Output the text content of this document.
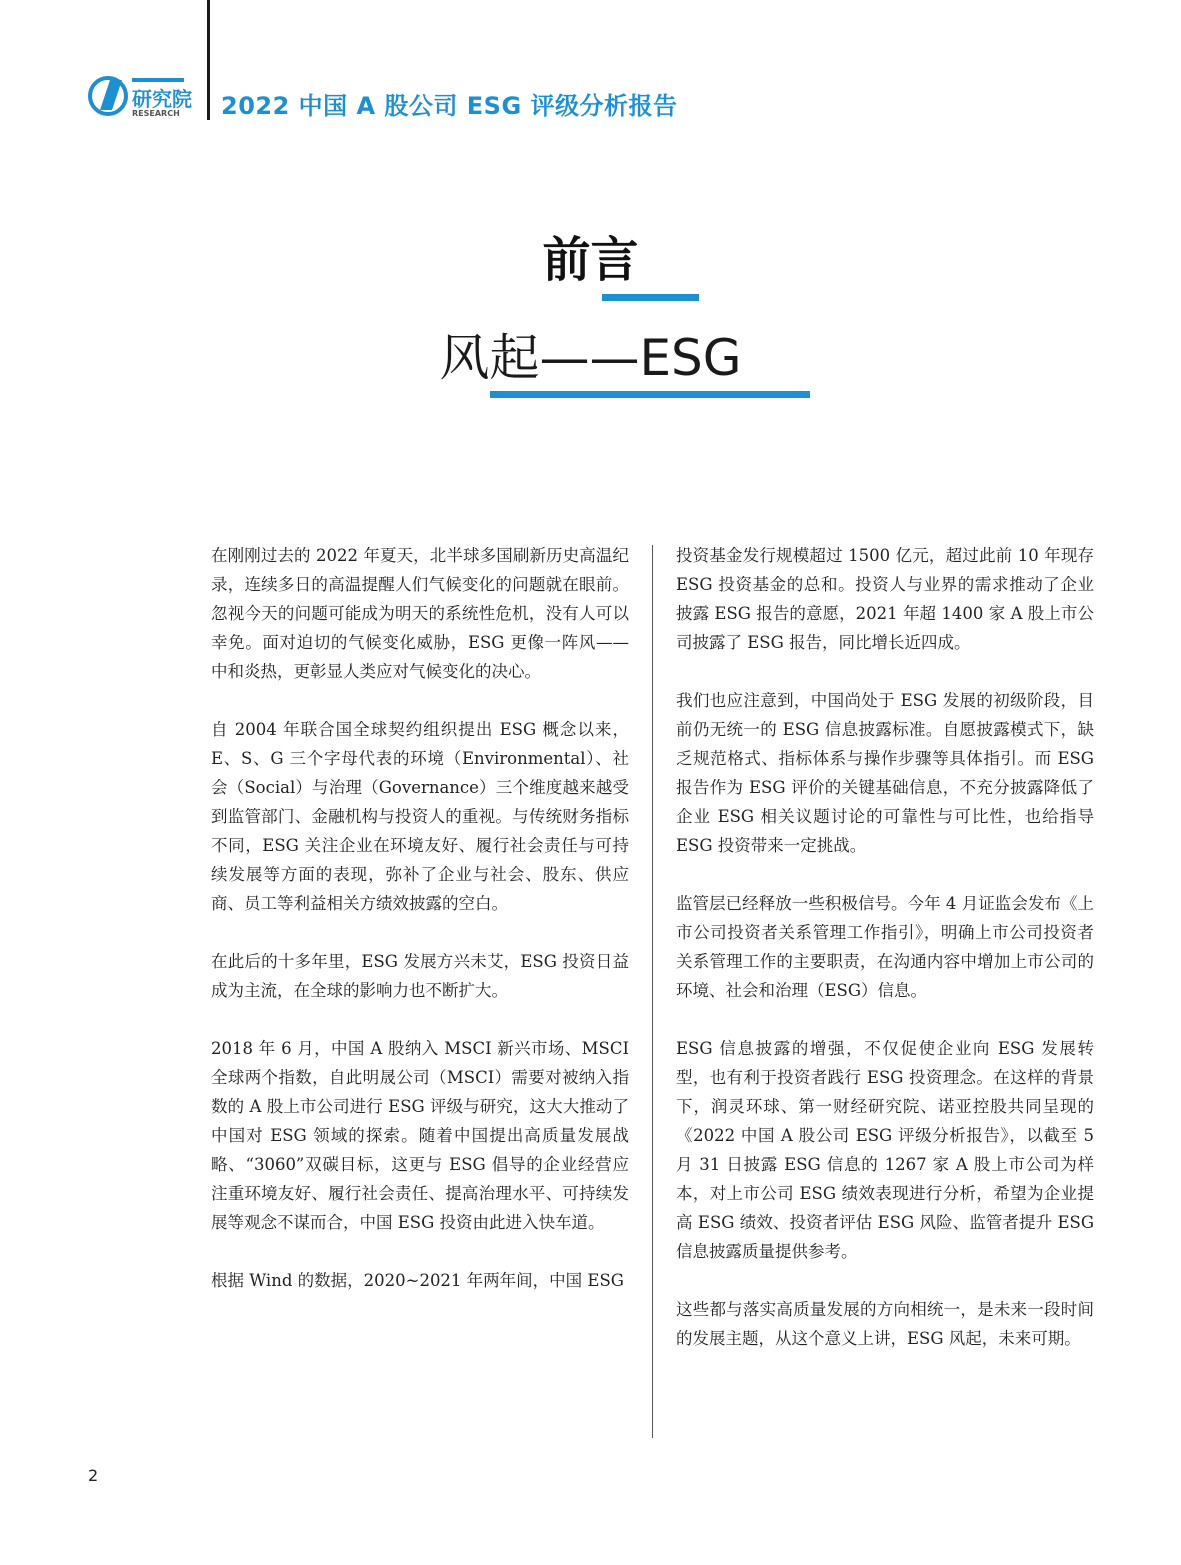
研究院
RESEARCH 2022 中国 A 股公司 ESG 评级分析报告
前言
风起——ESG

在刚刚过去的 2022 年夏天，北半球多国刷新历史高温纪录，连续多日的高温提醒人们气候变化的问题就在眼前。忽视今天的问题可能成为明天的系统性危机，没有人可以幸免。面对迫切的气候变化威胁，ESG 更像一阵风——中和炎热，更彰显人类应对气候变化的决心。

自 2004 年联合国全球契约组织提出 ESG 概念以来，E、S、G 三个字母代表的环境（Environmental）、社会（Social）与治理（Governance）三个维度越来越受到监管部门、金融机构与投资人的重视。与传统财务指标不同，ESG 关注企业在环境友好、履行社会责任与可持续发展等方面的表现，弥补了企业与社会、股东、供应商、员工等利益相关方绩效披露的空白。

在此后的十多年里，ESG 发展方兴未艾，ESG 投资日益成为主流，在全球的影响力也不断扩大。

2018 年 6 月，中国 A 股纳入 MSCI 新兴市场、MSCI 全球两个指数，自此明晟公司（MSCI）需要对被纳入指数的 A 股上市公司进行 ESG 评级与研究，这大大推动了中国对 ESG 领域的探索。随着中国提出高质量发展战略、“3060”双碳目标，这更与 ESG 倡导的企业经营应注重环境友好、履行社会责任、提高治理水平、可持续发展等观念不谋而合，中国 ESG 投资由此进入快车道。

根据 Wind 的数据，2020~2021 年两年间，中国 ESG

投资基金发行规模超过 1500 亿元，超过此前 10 年现存 ESG 投资基金的总和。投资人与业界的需求推动了企业披露 ESG 报告的意愿，2021 年超 1400 家 A 股上市公司披露了 ESG 报告，同比增长近四成。

我们也应注意到，中国尚处于 ESG 发展的初级阶段，目前仍无统一的 ESG 信息披露标准。自愿披露模式下，缺乏规范格式、指标体系与操作步骤等具体指引。而 ESG 报告作为 ESG 评价的关键基础信息，不充分披露降低了企业 ESG 相关议题讨论的可靠性与可比性，也给指导 ESG 投资带来一定挑战。

监管层已经释放一些积极信号。今年 4 月证监会发布《上市公司投资者关系管理工作指引》，明确上市公司投资者关系管理工作的主要职责，在沟通内容中增加上市公司的环境、社会和治理（ESG）信息。

ESG 信息披露的增强，不仅促使企业向 ESG 发展转型，也有利于投资者践行 ESG 投资理念。在这样的背景下，润灵环球、第一财经研究院、诺亚控股共同呈现的《2022 中国 A 股公司 ESG 评级分析报告》，以截至 5 月 31 日披露 ESG 信息的 1267 家 A 股上市公司为样本，对上市公司 ESG 绩效表现进行分析，希望为企业提高 ESG 绩效、投资者评估 ESG 风险、监管者提升 ESG 信息披露质量提供参考。

这些都与落实高质量发展的方向相统一，是未来一段时间的发展主题，从这个意义上讲，ESG 风起，未来可期。

2
